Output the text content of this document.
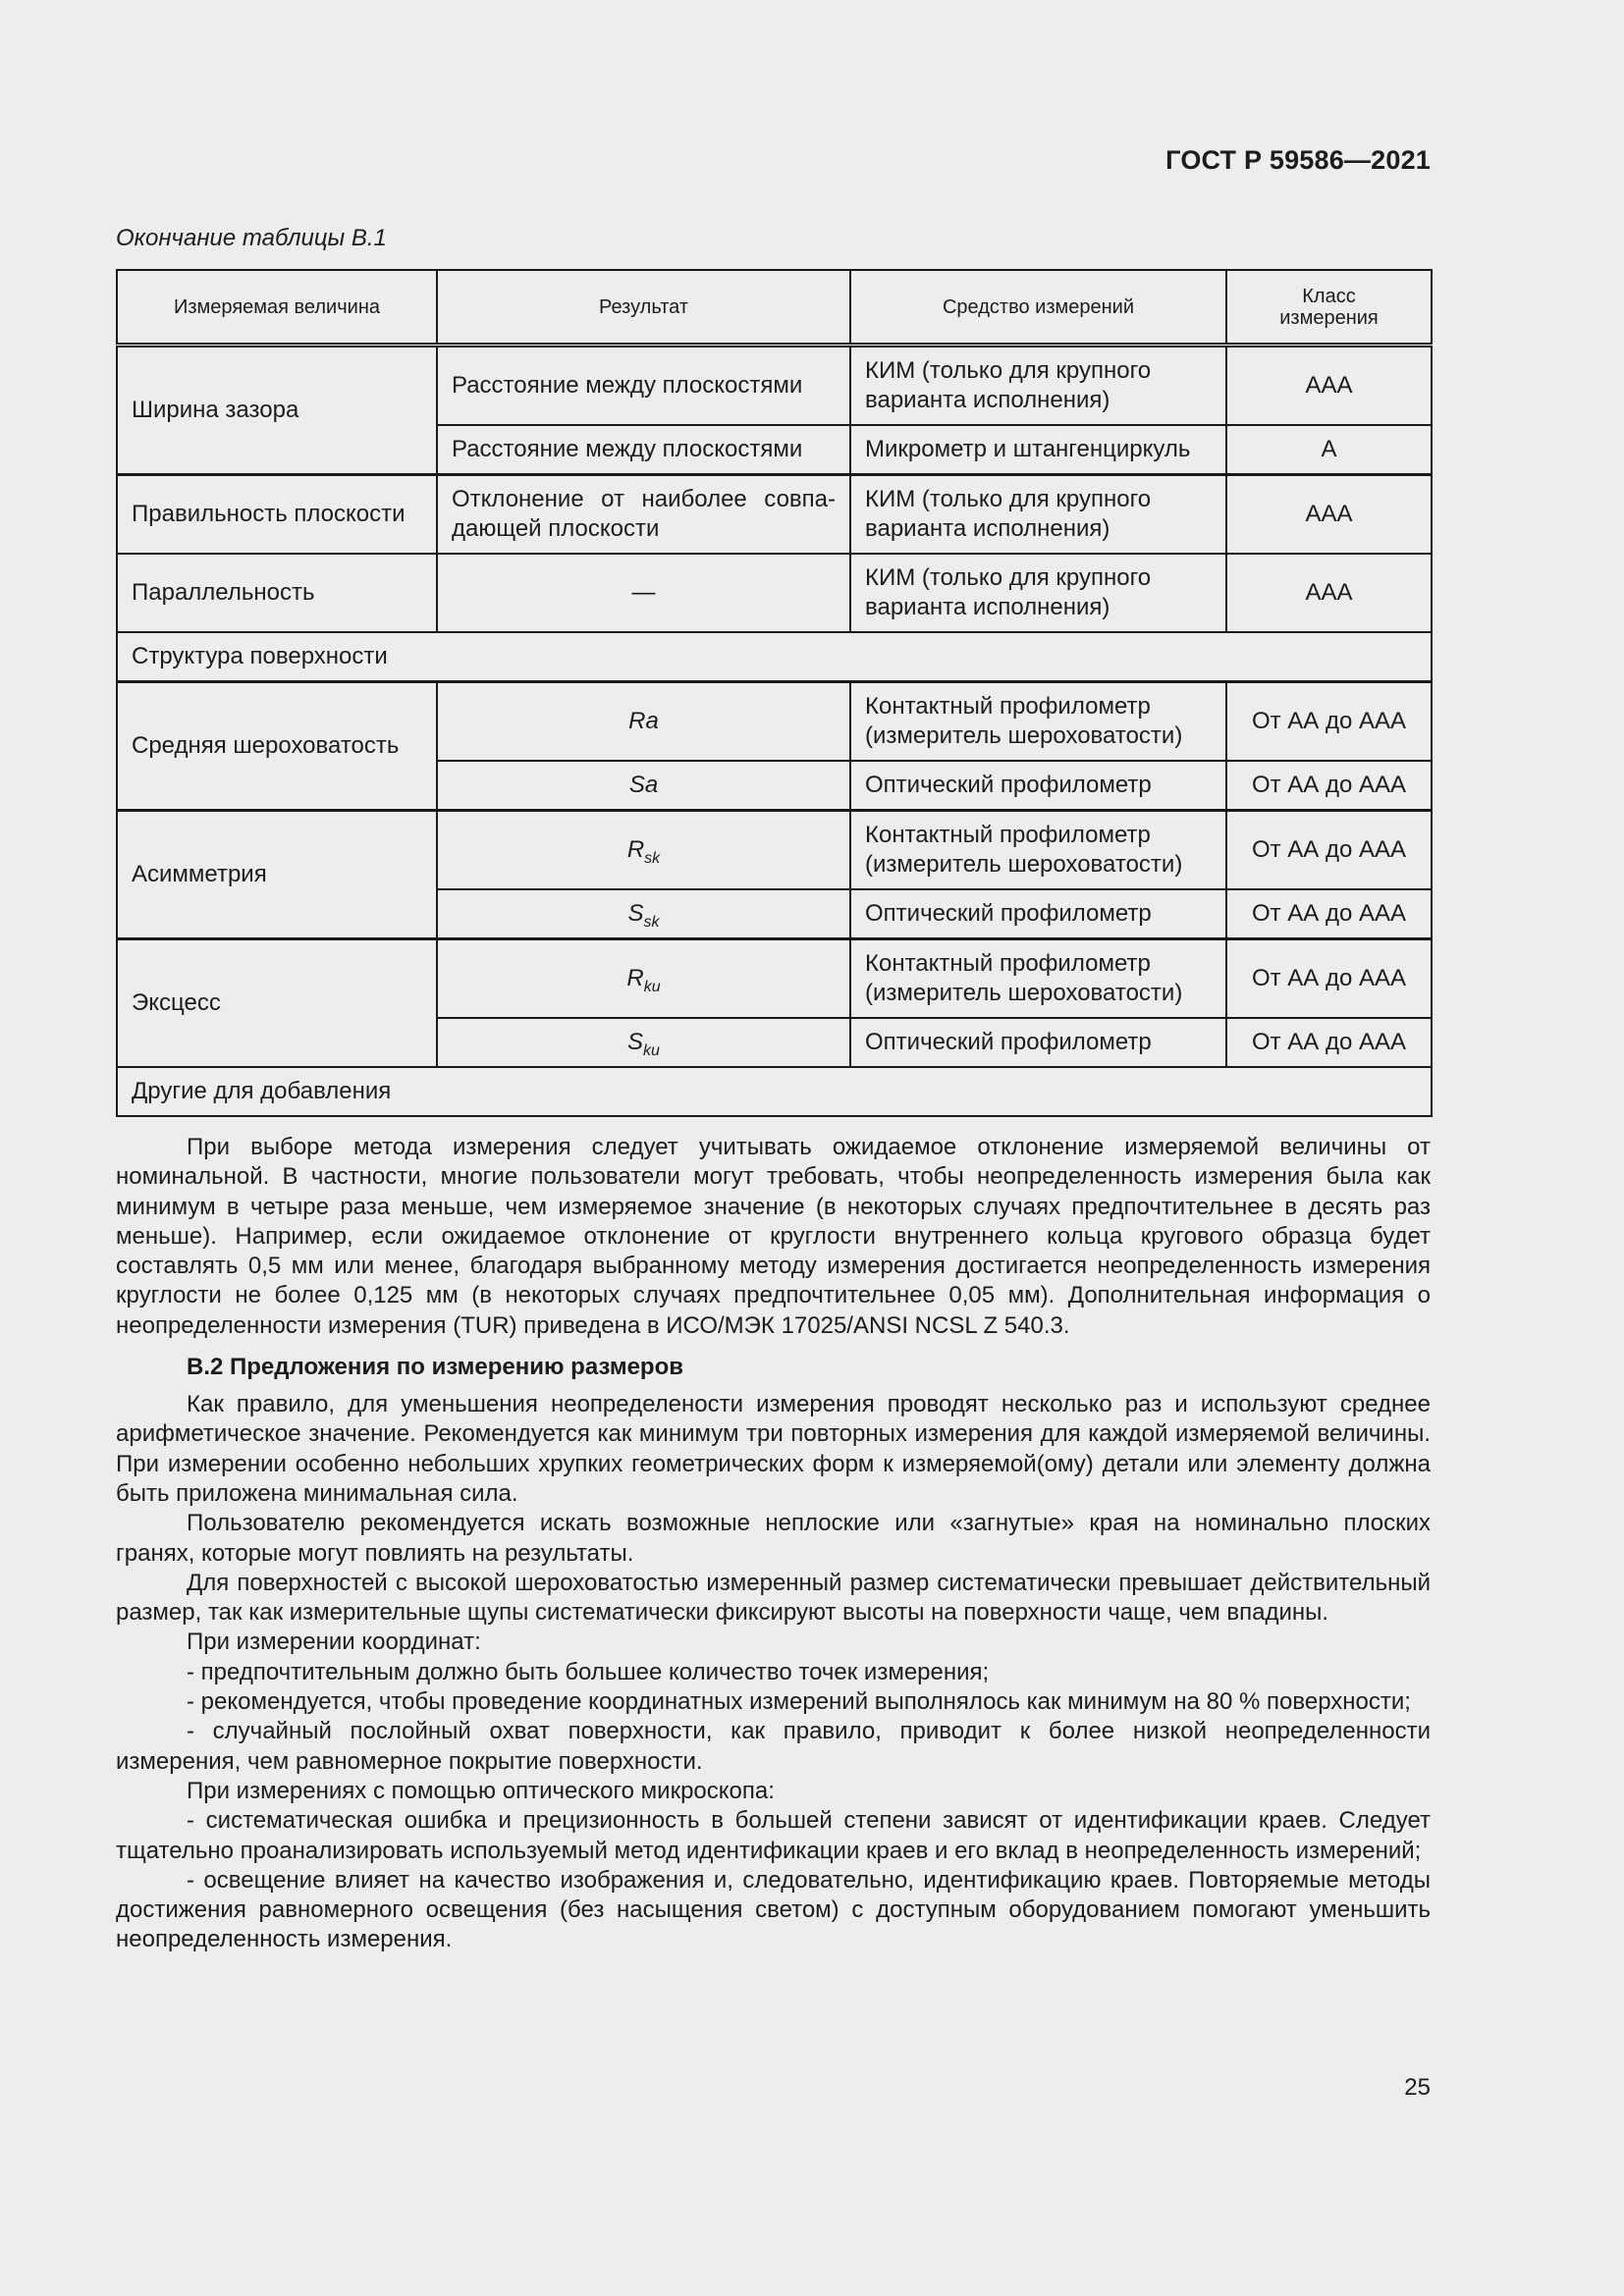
ГОСТ Р 59586—2021
Окончание таблицы В.1
Измеряемая величина	Результат	Средство измерений	Класс
измерения
Ширина зазора	Расстояние между плоскостями	КИМ (только для крупного варианта исполнения)	AAA
	Расстояние между плоскостями	Микрометр и штангенциркуль	А
Правильность плоскости	Отклонение от наиболее совпа-дающей плоскости	КИМ (только для крупного варианта исполнения)	AAA
Параллельность	—	КИМ (только для крупного варианта исполнения)	AAA
Структура поверхности			
Средняя шероховатость	Ra	Контактный профилометр (измеритель шероховатости)	От АА до ААА
	Sa	Оптический профилометр	От АА до ААА
Асимметрия	$R_{sk}$	Контактный профилометр (измеритель шероховатости)	От АА до ААА
	$S_{sk}$	Оптический профилометр	От АА до ААА
Эксцесс	$R_{ku}$	Контактный профилометр (измеритель шероховатости)	От АА до ААА
	$S_{ku}$	Оптический профилометр	От АА до ААА
Другие для добавления			

При выборе метода измерения следует учитывать ожидаемое отклонение измеряемой величины от номинальной. В частности, многие пользователи могут требовать, чтобы неопределенность измерения была как минимум в четыре раза меньше, чем измеряемое значение (в некоторых случаях предпочтительнее в десять раз меньше). Например, если ожидаемое отклонение от круглости внутреннего кольца кругового образца будет составлять 0,5 мм или менее, благодаря выбранному методу измерения достигается неопределенность измерения круглости не более 0,125 мм (в некоторых случаях предпочтительнее 0,05 мм). Дополнительная информация о неопределенности измерения (TUR) приведена в ИСО/МЭК 17025/ANSI NCSL Z 540.3.

В.2 Предложения по измерению размеров

Как правило, для уменьшения неопределености измерения проводят несколько раз и используют среднее арифметическое значение. Рекомендуется как минимум три повторных измерения для каждой измеряемой величины. При измерении особенно небольших хрупких геометрических форм к измеряемой(ому) детали или элементу должна быть приложена минимальная сила.

Пользователю рекомендуется искать возможные неплоские или «загнутые» края на номинально плоских гранях, которые могут повлиять на результаты.

Для поверхностей с высокой шероховатостью измеренный размер систематически превышает действительный размер, так как измерительные щупы систематически фиксируют высоты на поверхности чаще, чем впадины.

При измерении координат:

- предпочтительным должно быть большее количество точек измерения;

- рекомендуется, чтобы проведение координатных измерений выполнялось как минимум на 80 % поверхности;

- случайный послойный охват поверхности, как правило, приводит к более низкой неопределенности измерения, чем равномерное покрытие поверхности.

При измерениях с помощью оптического микроскопа:

- систематическая ошибка и прецизионность в большей степени зависят от идентификации краев. Следует тщательно проанализировать используемый метод идентификации краев и его вклад в неопределенность измерений;

- освещение влияет на качество изображения и, следовательно, идентификацию краев. Повторяемые методы достижения равномерного освещения (без насыщения светом) с доступным оборудованием помогают уменьшить неопределенность измерения.

25
